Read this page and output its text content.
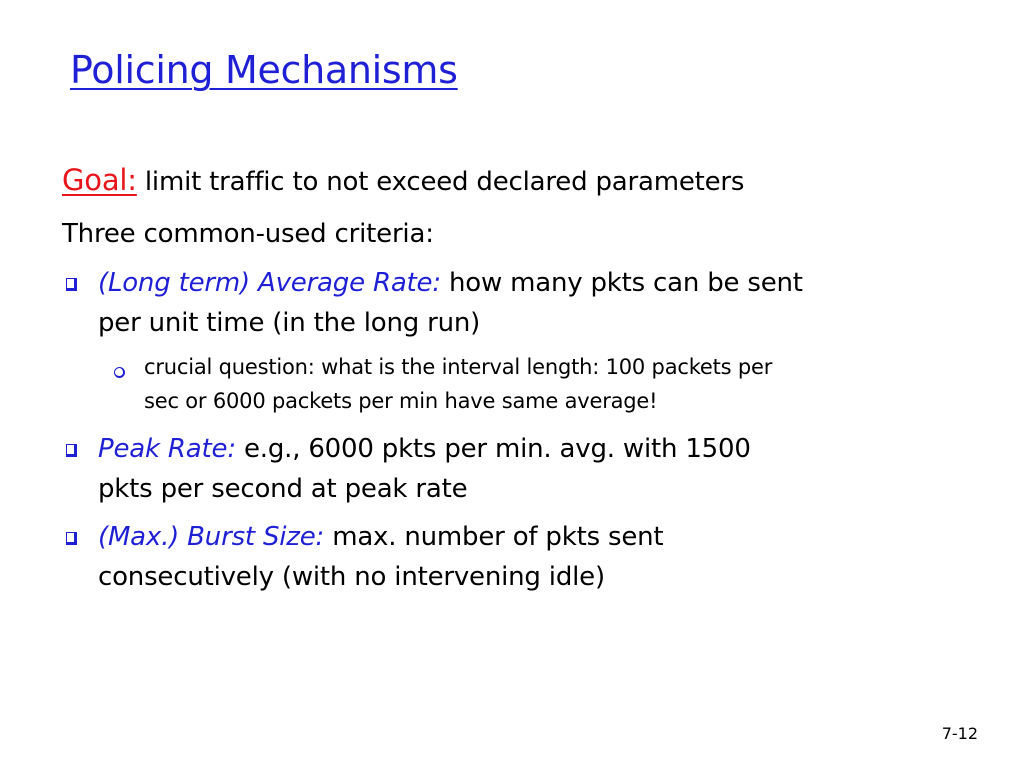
Policing Mechanisms
Goal: limit traffic to not exceed declared parameters
Three common-used criteria:
(Long term) Average Rate: how many pkts can be sent
per unit time (in the long run)
crucial question: what is the interval length: 100 packets per
sec or 6000 packets per min have same average!
Peak Rate: e.g., 6000 pkts per min. avg. with 1500
pkts per second at peak rate
(Max.) Burst Size: max. number of pkts sent
consecutively (with no intervening idle)
7-12
